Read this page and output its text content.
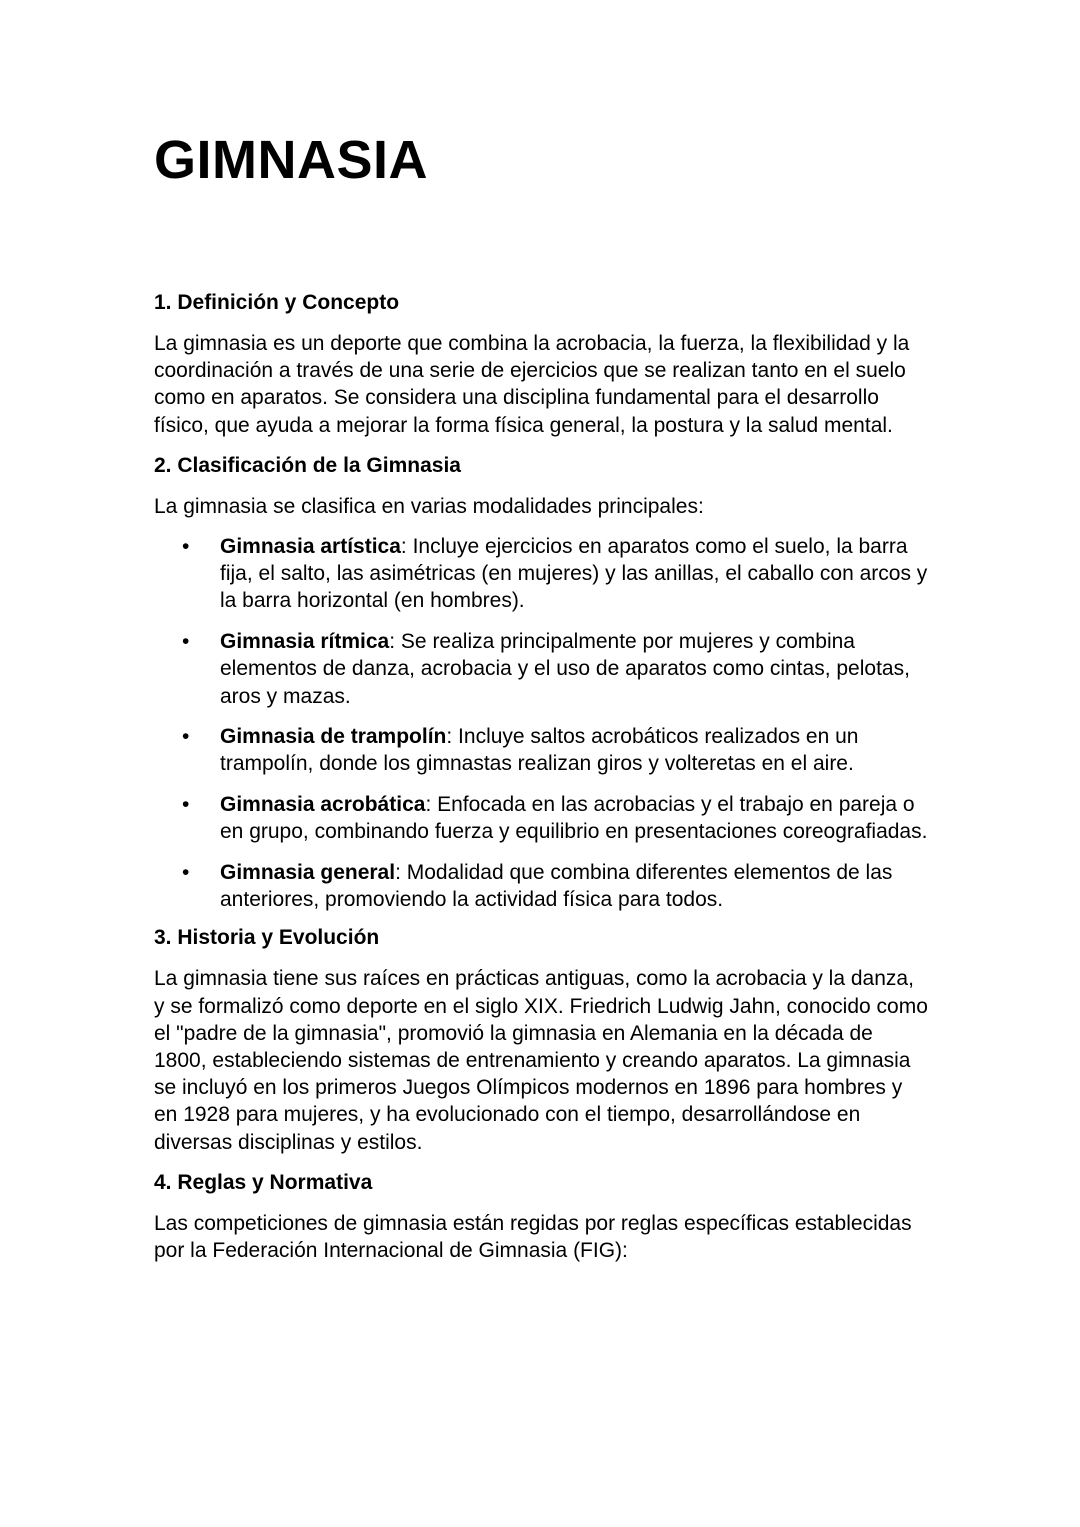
GIMNASIA
1. Definición y Concepto

La gimnasia es un deporte que combina la acrobacia, la fuerza, la flexibilidad y la coordinación a través de una serie de ejercicios que se realizan tanto en el suelo como en aparatos. Se considera una disciplina fundamental para el desarrollo físico, que ayuda a mejorar la forma física general, la postura y la salud mental.

2. Clasificación de la Gimnasia

La gimnasia se clasifica en varias modalidades principales:

• Gimnasia artística: Incluye ejercicios en aparatos como el suelo, la barra fija, el salto, las asimétricas (en mujeres) y las anillas, el caballo con arcos y la barra horizontal (en hombres).
• Gimnasia rítmica: Se realiza principalmente por mujeres y combina elementos de danza, acrobacia y el uso de aparatos como cintas, pelotas, aros y mazas.
• Gimnasia de trampolín: Incluye saltos acrobáticos realizados en un trampolín, donde los gimnastas realizan giros y volteretas en el aire.
• Gimnasia acrobática: Enfocada en las acrobacias y el trabajo en pareja o en grupo, combinando fuerza y equilibrio en presentaciones coreografiadas.
• Gimnasia general: Modalidad que combina diferentes elementos de las anteriores, promoviendo la actividad física para todos.
3. Historia y Evolución

La gimnasia tiene sus raíces en prácticas antiguas, como la acrobacia y la danza, y se formalizó como deporte en el siglo XIX. Friedrich Ludwig Jahn, conocido como el "padre de la gimnasia", promovió la gimnasia en Alemania en la década de 1800, estableciendo sistemas de entrenamiento y creando aparatos. La gimnasia se incluyó en los primeros Juegos Olímpicos modernos en 1896 para hombres y en 1928 para mujeres, y ha evolucionado con el tiempo, desarrollándose en diversas disciplinas y estilos.

4. Reglas y Normativa

Las competiciones de gimnasia están regidas por reglas específicas establecidas por la Federación Internacional de Gimnasia (FIG):
